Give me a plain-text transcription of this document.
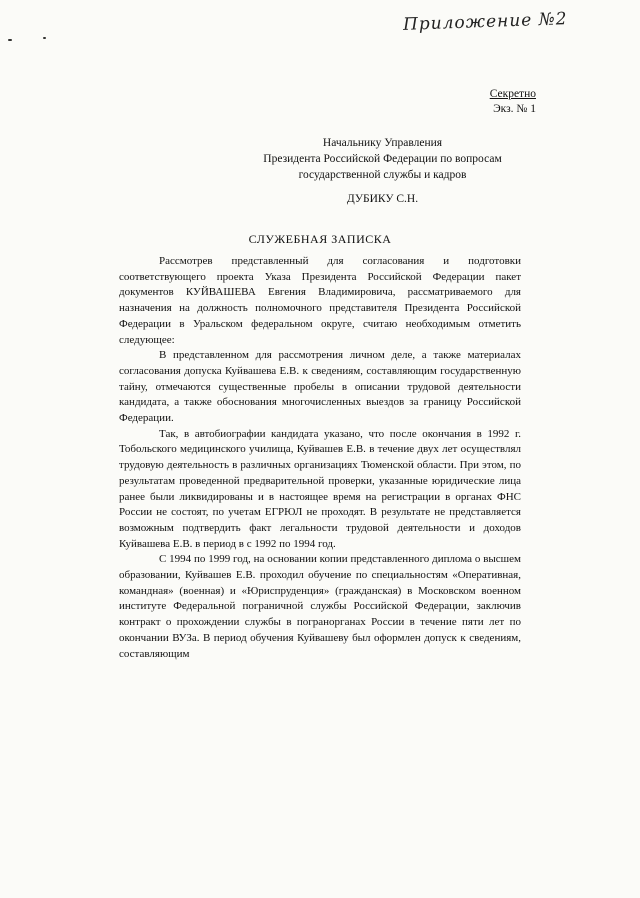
Приложение №2
Секретно
Экз. № 1
Начальнику Управления
Президента Российской Федерации по вопросам
государственной службы и кадров
ДУБИКУ С.Н.
СЛУЖЕБНАЯ ЗАПИСКА

Рассмотрев представленный для согласования и подготовки соответствующего проекта Указа Президента Российской Федерации пакет документов КУЙВАШЕВА Евгения Владимировича, рассматриваемого для назначения на должность полномочного представителя Президента Российской Федерации в Уральском федеральном округе, считаю необходимым отметить следующее:

В представленном для рассмотрения личном деле, а также материалах согласования допуска Куйвашева Е.В. к сведениям, составляющим государственную тайну, отмечаются существенные пробелы в описании трудовой деятельности кандидата, а также обоснования многочисленных выездов за границу Российской Федерации.

Так, в автобиографии кандидата указано, что после окончания в 1992 г. Тобольского медицинского училища, Куйвашев Е.В. в течение двух лет осуществлял трудовую деятельность в различных организациях Тюменской области. При этом, по результатам проведенной предварительной проверки, указанные юридические лица ранее были ликвидированы и в настоящее время на регистрации в органах ФНС России не состоят, по учетам ЕГРЮЛ не проходят. В результате не представляется возможным подтвердить факт легальности трудовой деятельности и доходов Куйвашева Е.В. в период в с 1992 по 1994 год.

С 1994 по 1999 год, на основании копии представленного диплома о высшем образовании, Куйвашев Е.В. проходил обучение по специальностям «Оперативная, командная» (военная) и «Юриспруденция» (гражданская) в Московском военном институте Федеральной пограничной службы Российской Федерации, заключив контракт о прохождении службы в погранорганах России в течение пяти лет по окончании ВУЗа. В период обучения Куйвашеву был оформлен допуск к сведениям, составляющим
